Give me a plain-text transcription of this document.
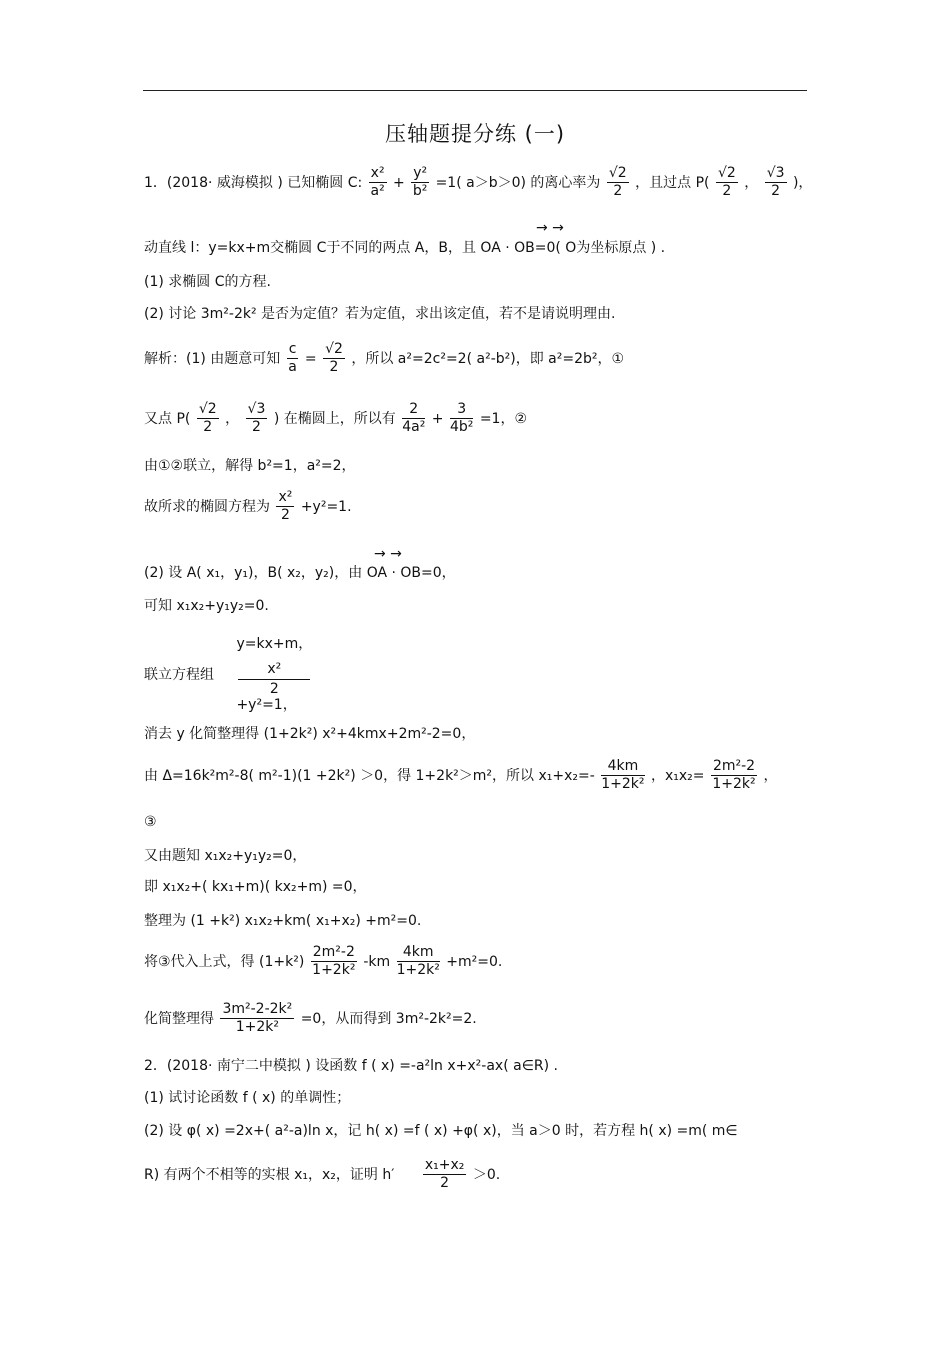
压轴题提分练 (一)
1．(2018· 威海模拟 ) 已知椭圆 C: $\frac{\text{x²}}{\text{a²}} + \frac{\text{y²}}{\text{b²}} =1$( a＞b＞0) 的离心率为 $\frac{√2}{2}$ ，且过点 $P( \frac{√2}{2}$ ， $\frac{√3}{2}$ )，
→ →
动直线 l：y=kx+m交椭圆 C于不同的两点 A，B，且 OA · OB=0( O为坐标原点 ) .
(1) 求椭圆 C的方程.
(2) 讨论 3m²-2k² 是否为定值？若为定值，求出该定值，若不是请说明理由.
解析：(1) 由题意可知 $\frac{c}{a} = \frac{√2}{2}$ ，所以 a²=2c²=2( a²-b²)，即 a²=2b²，①
又点 $P( \frac{√2}{2}$ ， $\frac{√3}{2}$ ) 在椭圆上，所以有 $\frac{2}{\text{4a²}} + \frac{3}{\text{4b²}} =1$，②
由①②联立，解得 b²=1，a²=2，
故所求的椭圆方程为 $\frac{\text{x²}}{2} +y^2=1$.
→ →
(2) 设 A( x₁，y₁)，B( x₂，y₂)，由 OA · OB=0，
可知 x₁x₂+y₁y₂=0.
联立方程组
y=kx+m，
x²
2
+y²=1，
消去 y 化简整理得 (1+2k²) x²+4kmx+2m²-2=0，
由 Δ=16k²m²-8( m²-1)(1 +2k²) ＞0，得 1+2k²＞m²，所以 $x_1+x_2=- \frac{4km}{\text{1+2k²}}$ ，$x_1x_2= \frac{\text{2m²-2}}{\text{1+2k²}}$ ，
③
又由题知 x₁x₂+y₁y₂=0，
即 x₁x₂+( kx₁+m)( kx₂+m) =0，
整理为 (1 +k²) x₁x₂+km( x₁+x₂) +m²=0.
将③代入上式，得 $(1+k^2) \frac{\text{2m²-2}}{\text{1+2k²}} -km \frac{4km}{\text{1+2k²}} +m^2=0$.
化简整理得 $\frac{\text{3m²-2-2k²}}{\text{1+2k²}} =0$，从而得到 3m²-2k²=2.
2．(2018· 南宁二中模拟 ) 设函数 f ( x) =-a²ln x+x²-ax( a∈R) .
(1) 试讨论函数 f ( x) 的单调性；
(2) 设 φ( x) =2x+( a²-a)ln x，记 h( x) =f ( x) +φ( x)，当 a＞0 时，若方程 h( x) =m( m∈
R) 有两个不相等的实根 x₁，x₂，证明 $h' \frac{\text{x₁+x₂}}{2} >0$.
